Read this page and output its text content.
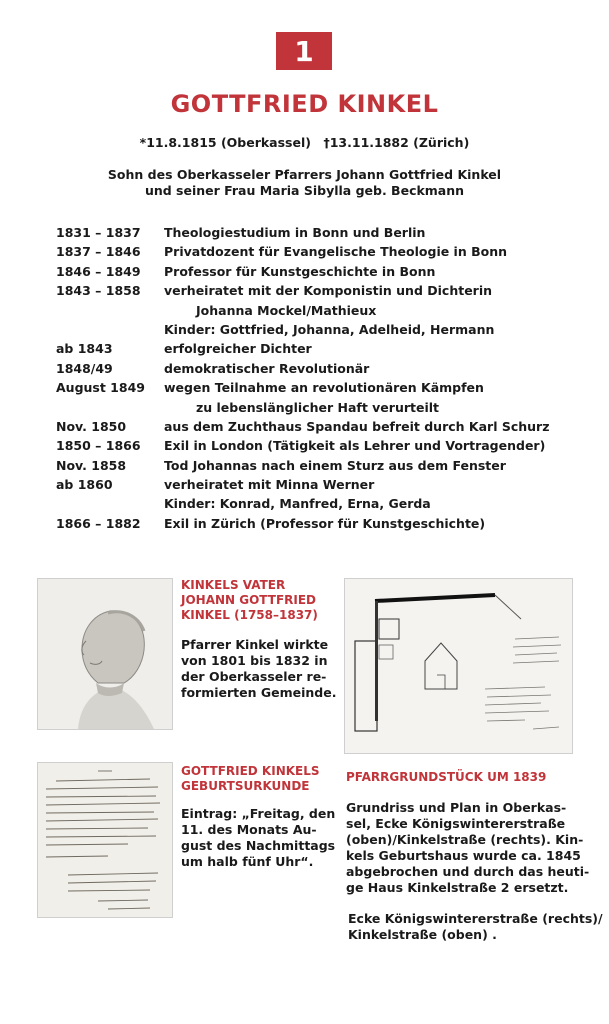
1
GOTTFRIED KINKEL
*11.8.1815 (Oberkassel) †13.11.1882 (Zürich)
Sohn des Oberkasseler Pfarrers Johann Gottfried Kinkel
und seiner Frau Maria Sibylla geb. Beckmann
1831 – 1837	Theologiestudium in Bonn und Berlin
1837 – 1846	Privatdozent für Evangelische Theologie in Bonn
1846 – 1849	Professor für Kunstgeschichte in Bonn
1843 – 1858	verheiratet mit der Komponistin und Dichterin
Johanna Mockel/Mathieux
Kinder: Gottfried, Johanna, Adelheid, Hermann
ab 1843	erfolgreicher Dichter
1848/49	demokratischer Revolutionär
August 1849	wegen Teilnahme an revolutionären Kämpfen
zu lebenslänglicher Haft verurteilt
Nov. 1850	aus dem Zuchthaus Spandau befreit durch Karl Schurz
1850 – 1866	Exil in London (Tätigkeit als Lehrer und Vortragender)
Nov. 1858	Tod Johannas nach einem Sturz aus dem Fenster
ab 1860	verheiratet mit Minna Werner
Kinder: Konrad, Manfred, Erna, Gerda
1866 – 1882	Exil in Zürich (Professor für Kunstgeschichte)
KINKELS VATER
JOHANN GOTTFRIED
KINKEL (1758–1837)
Pfarrer Kinkel wirkte
von 1801 bis 1832 in
der Oberkasseler re-
formierten Gemeinde.
GOTTFRIED KINKELS
GEBURTSURKUNDE
Eintrag: „Freitag, den
11. des Monats Au-
gust des Nachmittags
um halb fünf Uhr“.
PFARRGRUNDSTÜCK UM 1839
Grundriss und Plan in Oberkas-
sel, Ecke Königswintererstraße
(oben)/Kinkelstraße (rechts). Kin-
kels Geburtshaus wurde ca. 1845
abgebrochen und durch das heuti-
ge Haus Kinkelstraße 2 ersetzt.
Ecke Königswintererstraße (rechts)/
Kinkelstraße (oben) .
